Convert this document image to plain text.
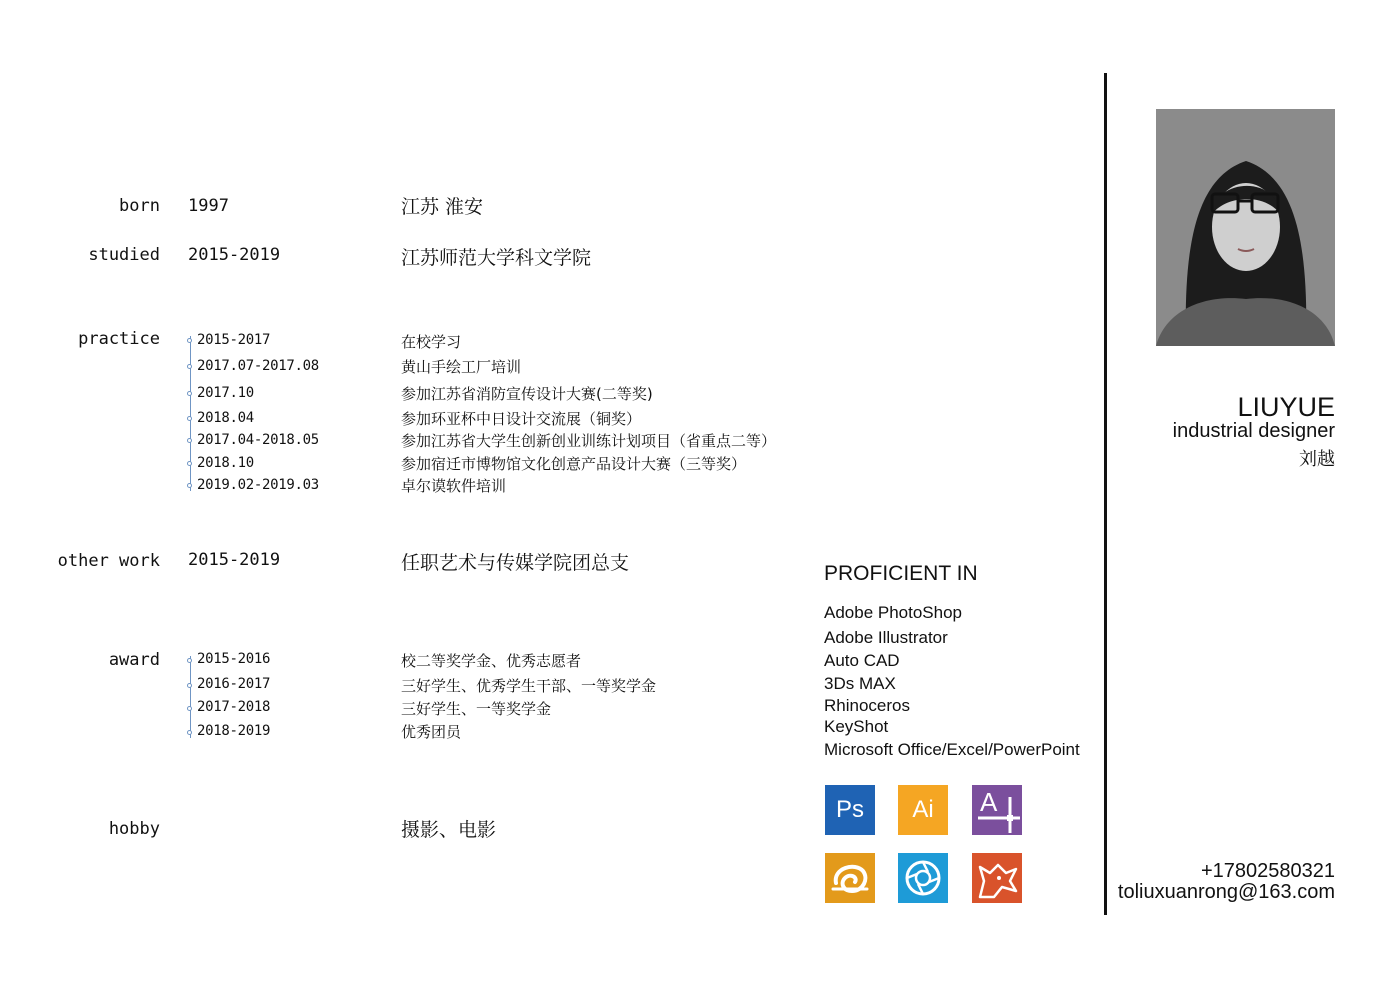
born 1997	江苏 淮安
studied 2015-2019	江苏师范大学科文学院
practice	2015-2017	在校学习
2017.07-2017.08	黄山手绘工厂培训
2017.10	参加江苏省消防宣传设计大赛(二等奖)
2018.04	参加环亚杯中日设计交流展（铜奖）
2017.04-2018.05	参加江苏省大学生创新创业训练计划项目（省重点二等）
2018.10	参加宿迁市博物馆文化创意产品设计大赛（三等奖）
2019.02-2019.03	卓尔谟软件培训
other work 2015-2019	任职艺术与传媒学院团总支
award	2015-2016	校二等奖学金、优秀志愿者
2016-2017	三好学生、优秀学生干部、一等奖学金
2017-2018	三好学生、一等奖学金
2018-2019	优秀团员
hobby	摄影、电影
PROFICIENT IN
Adobe PhotoShop
Adobe Illustrator
Auto CAD
3Ds MAX
Rhinoceros
KeyShot
Microsoft Office/Excel/PowerPoint
Ps Ai A
LIUYUE
industrial designer
刘越
+17802580321
toliuxuanrong@163.com
